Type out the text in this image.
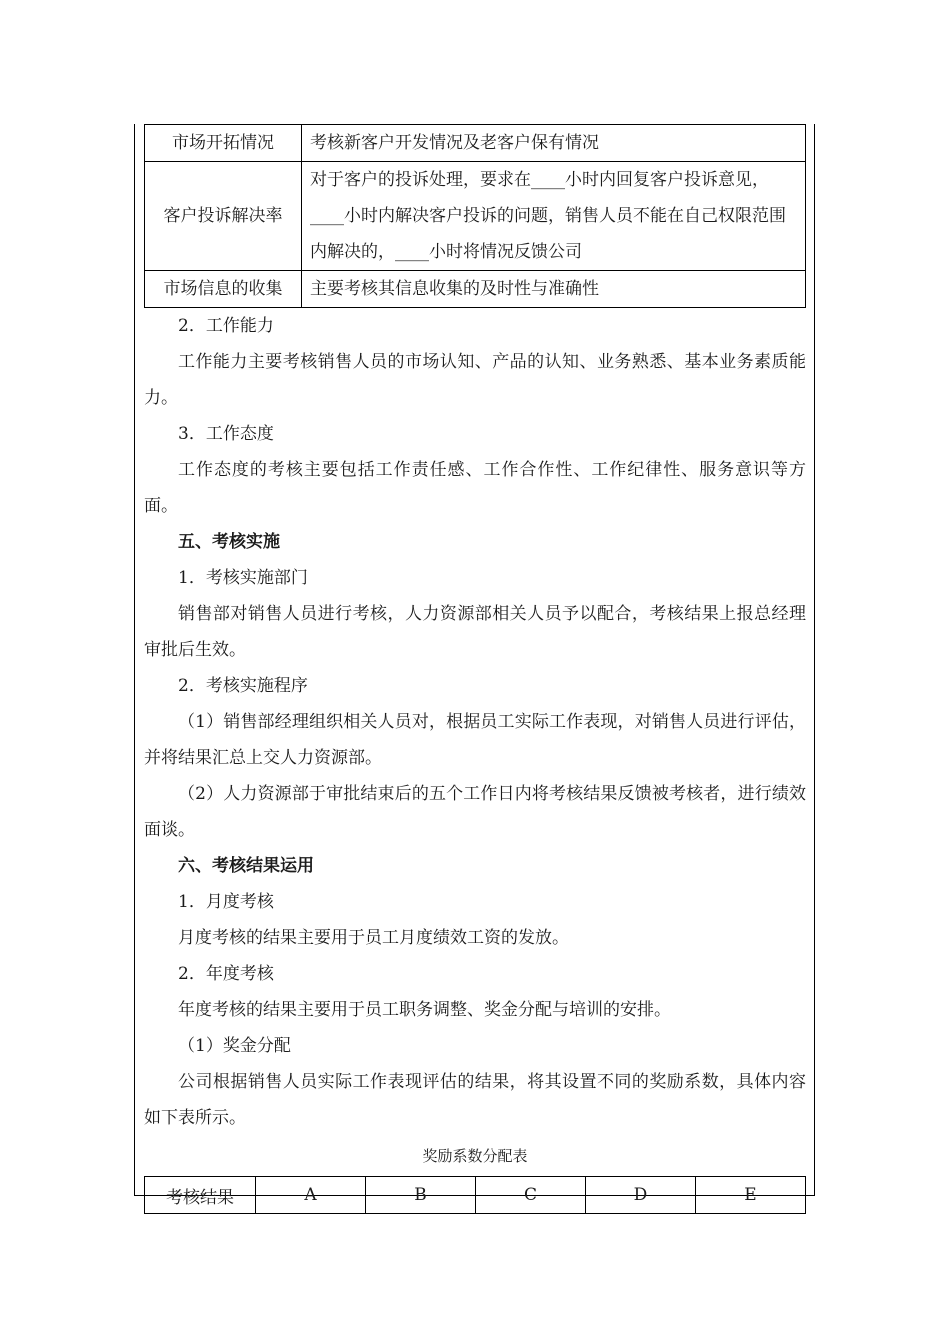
市场开拓情况	考核新客户开发情况及老客户保有情况
客户投诉解决率	对于客户的投诉处理，要求在____小时内回复客户投诉意见，____小时内解决客户投诉的问题，销售人员不能在自己权限范围内解决的，____小时将情况反馈公司
市场信息的收集	主要考核其信息收集的及时性与准确性

2．工作能力

工作能力主要考核销售人员的市场认知、产品的认知、业务熟悉、基本业务素质能力。

3．工作态度

工作态度的考核主要包括工作责任感、工作合作性、工作纪律性、服务意识等方面。

五、考核实施

1．考核实施部门

销售部对销售人员进行考核，人力资源部相关人员予以配合，考核结果上报总经理审批后生效。

2．考核实施程序

（1）销售部经理组织相关人员对，根据员工实际工作表现，对销售人员进行评估，并将结果汇总上交人力资源部。

（2）人力资源部于审批结束后的五个工作日内将考核结果反馈被考核者，进行绩效面谈。

六、考核结果运用

1．月度考核

月度考核的结果主要用于员工月度绩效工资的发放。

2．年度考核

年度考核的结果主要用于员工职务调整、奖金分配与培训的安排。

（1）奖金分配

公司根据销售人员实际工作表现评估的结果，将其设置不同的奖励系数，具体内容如下表所示。

奖励系数分配表

考核结果	A	B	C	D	E
